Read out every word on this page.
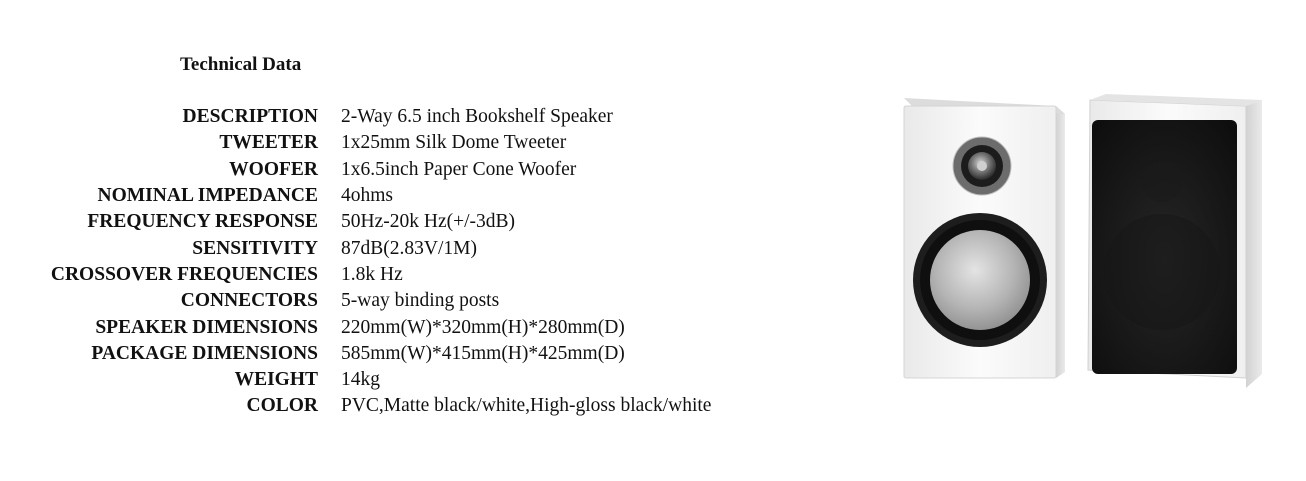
Technical Data
DESCRIPTION 2-Way 6.5 inch Bookshelf Speaker
TWEETER 1x25mm Silk Dome Tweeter
WOOFER 1x6.5inch Paper Cone Woofer
NOMINAL IMPEDANCE 4ohms
FREQUENCY RESPONSE 50Hz-20k Hz(+/-3dB)
SENSITIVITY 87dB(2.83V/1M)
CROSSOVER FREQUENCIES 1.8k Hz
CONNECTORS 5-way binding posts
SPEAKER DIMENSIONS 220mm(W)*320mm(H)*280mm(D)
PACKAGE DIMENSIONS 585mm(W)*415mm(H)*425mm(D)
WEIGHT 14kg
COLOR PVC,Matte black/white,High-gloss black/white
